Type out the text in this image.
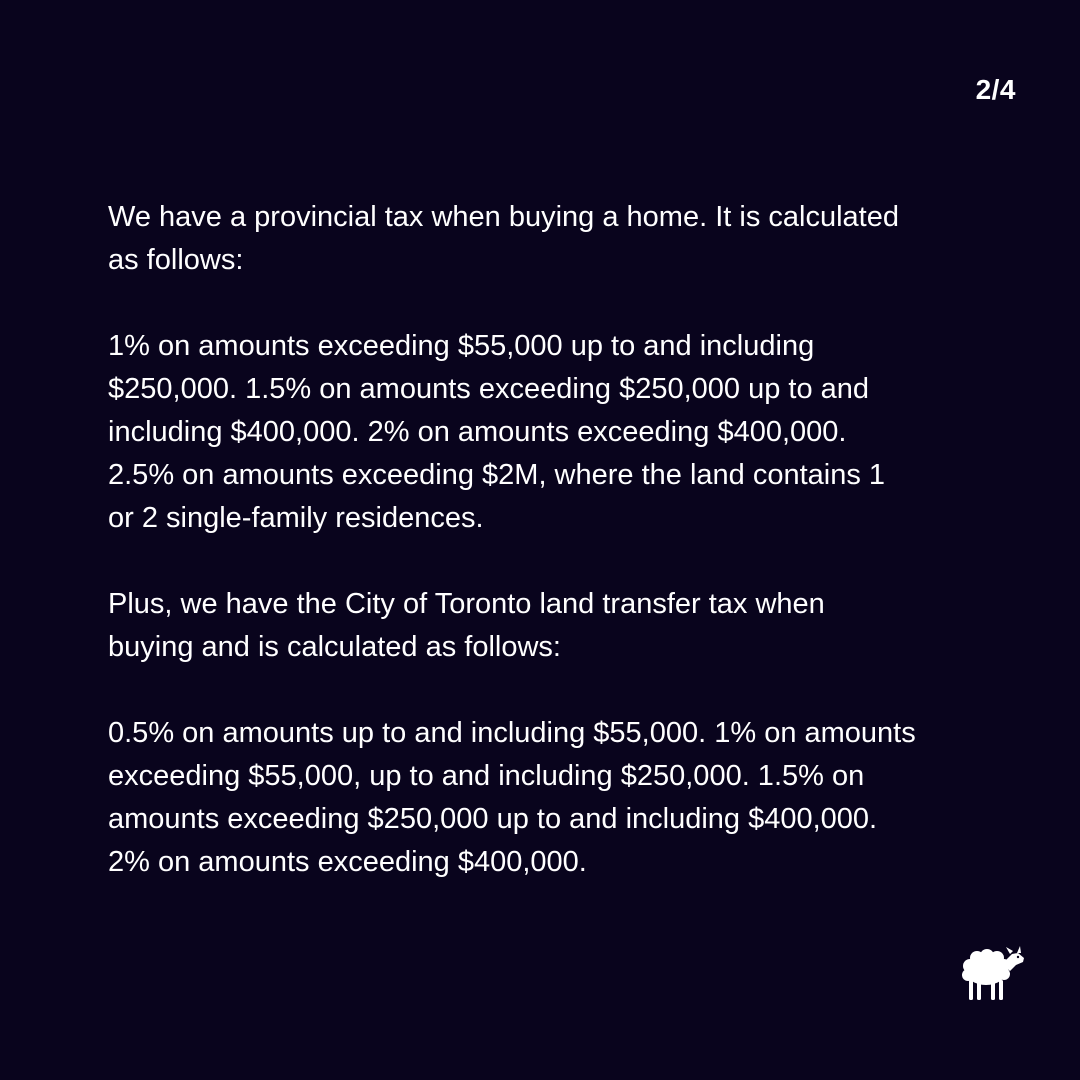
2/4

We have a provincial tax when buying a home. It is calculated
as follows:

1% on amounts exceeding $55,000 up to and including
$250,000. 1.5% on amounts exceeding $250,000 up to and
including $400,000. 2% on amounts exceeding $400,000.
2.5% on amounts exceeding $2M, where the land contains 1
or 2 single-family residences.

Plus, we have the City of Toronto land transfer tax when
buying and is calculated as follows:

0.5% on amounts up to and including $55,000. 1% on amounts
exceeding $55,000, up to and including $250,000. 1.5% on
amounts exceeding $250,000 up to and including $400,000.
2% on amounts exceeding $400,000.
